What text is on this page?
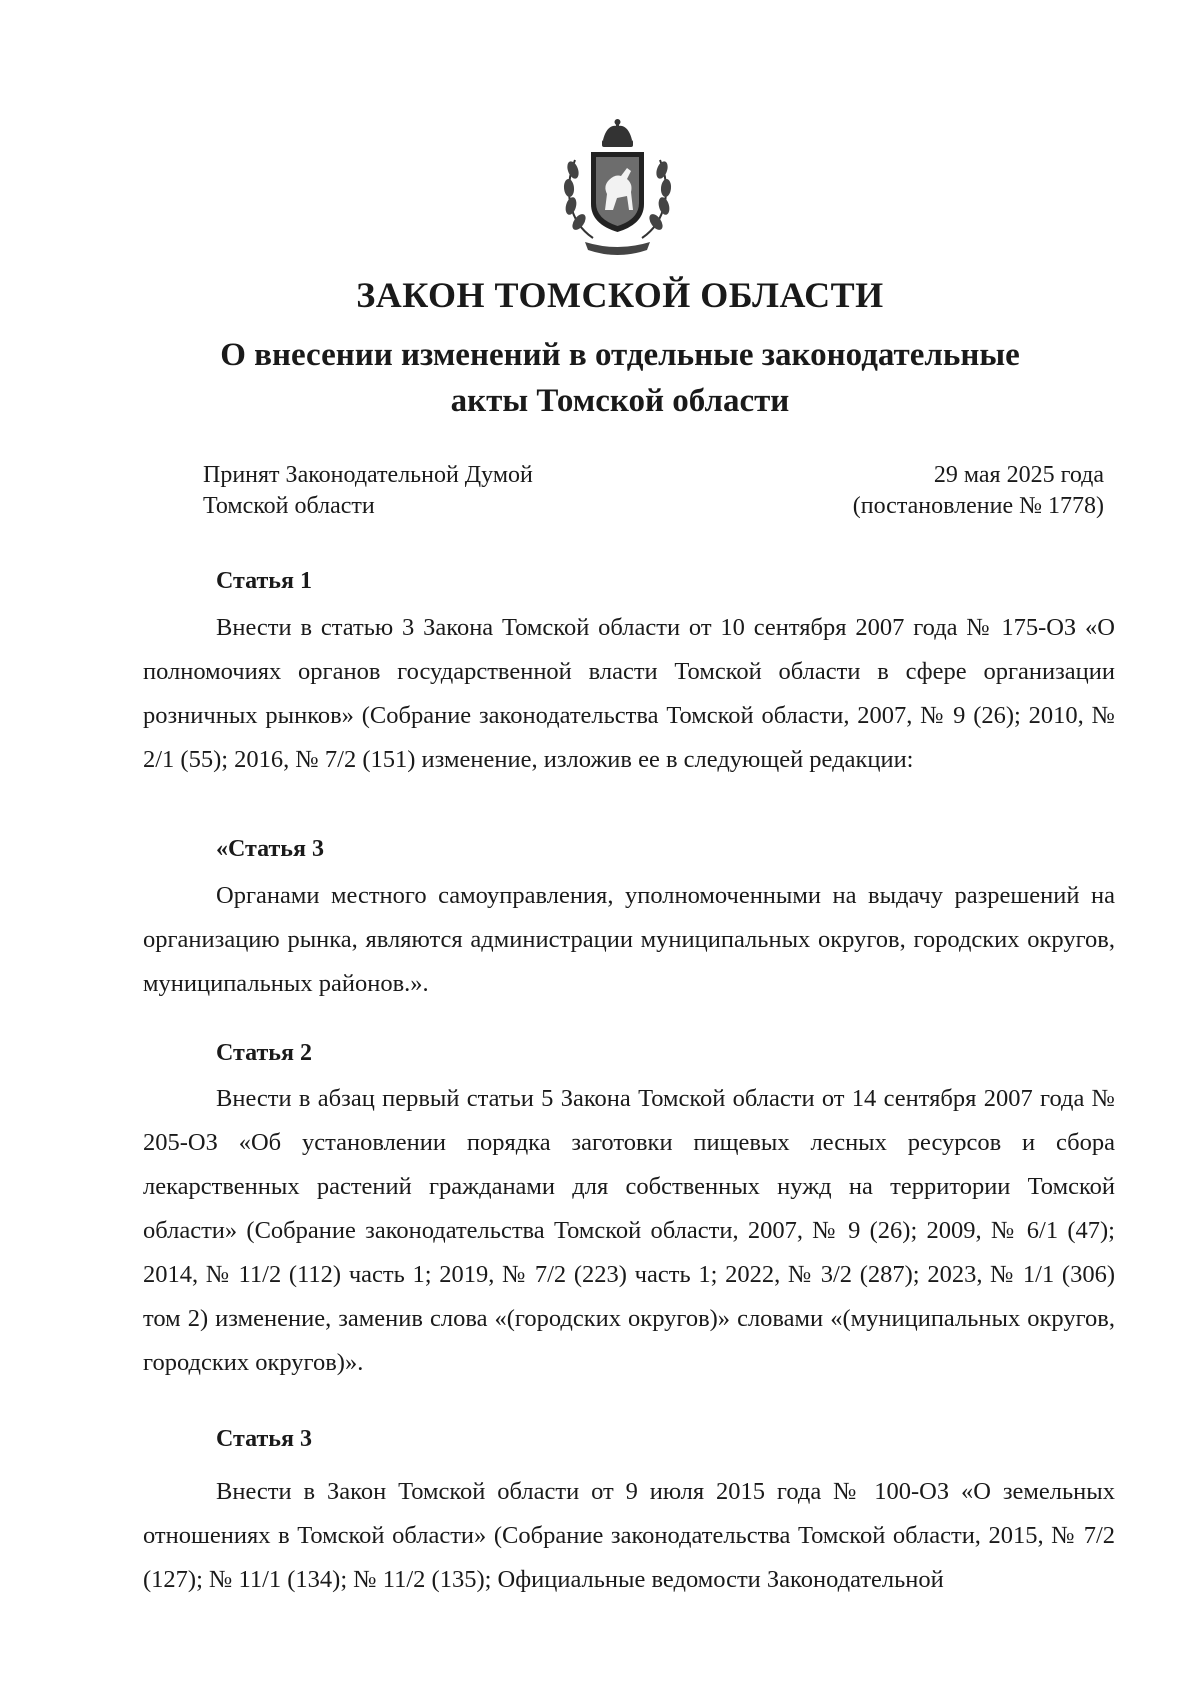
ЗАКОН ТОМСКОЙ ОБЛАСТИ
О внесении изменений в отдельные законодательные
акты Томской области
Принят Законодательной Думой
Томской области
29 мая 2025 года
(постановление № 1778)
Статья 1

Внести в статью 3 Закона Томской области от 10 сентября 2007 года № 175-ОЗ «О полномочиях органов государственной власти Томской области в сфере организации розничных рынков» (Собрание законодательства Томской области, 2007, № 9 (26); 2010, № 2/1 (55); 2016, № 7/2 (151) изменение, изложив ее в следующей редакции:

«Статья 3

Органами местного самоуправления, уполномоченными на выдачу разрешений на организацию рынка, являются администрации муниципальных округов, городских округов, муниципальных районов.».

Статья 2

Внести в абзац первый статьи 5 Закона Томской области от 14 сентября 2007 года № 205-ОЗ «Об установлении порядка заготовки пищевых лесных ресурсов и сбора лекарственных растений гражданами для собственных нужд на территории Томской области» (Собрание законодательства Томской области, 2007, № 9 (26); 2009, № 6/1 (47); 2014, № 11/2 (112) часть 1; 2019, № 7/2 (223) часть 1; 2022, № 3/2 (287); 2023, № 1/1 (306) том 2) изменение, заменив слова «(городских округов)» словами «(муниципальных округов, городских округов)».

Статья 3

Внести в Закон Томской области от 9 июля 2015 года № 100-ОЗ «О земельных отношениях в Томской области» (Собрание законодательства Томской области, 2015, № 7/2 (127); № 11/1 (134); № 11/2 (135); Официальные ведомости Законодательной
